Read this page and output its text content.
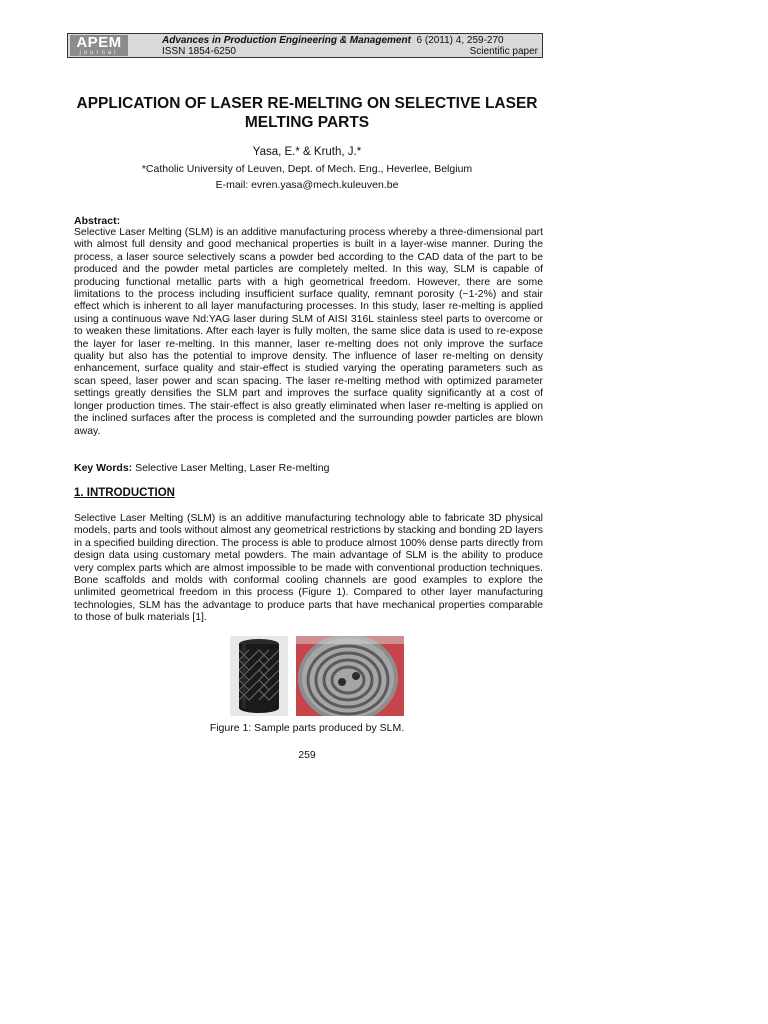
APEM
journal
Advances in Production Engineering & Management 6 (2011) 4, 259-270
ISSN 1854-6250	Scientific paper
APPLICATION OF LASER RE-MELTING ON SELECTIVE LASER MELTING PARTS
Yasa, E.* & Kruth, J.*
*Catholic University of Leuven, Dept. of Mech. Eng., Heverlee, Belgium
E-mail: evren.yasa@mech.kuleuven.be
Abstract:
Selective Laser Melting (SLM) is an additive manufacturing process whereby a three-dimensional part with almost full density and good mechanical properties is built in a layer-wise manner. During the process, a laser source selectively scans a powder bed according to the CAD data of the part to be produced and the powder metal particles are completely melted. In this way, SLM is capable of producing functional metallic parts with a high geometrical freedom. However, there are some limitations to the process including insufficient surface quality, remnant porosity (~1-2%) and stair effect which is inherent to all layer manufacturing processes. In this study, laser re-melting is applied using a continuous wave Nd:YAG laser during SLM of AISI 316L stainless steel parts to overcome or to weaken these limitations. After each layer is fully molten, the same slice data is used to re-expose the layer for laser re-melting. In this manner, laser re-melting does not only improve the surface quality but also has the potential to improve density. The influence of laser re-melting on density enhancement, surface quality and stair-effect is studied varying the operating parameters such as scan speed, laser power and scan spacing. The laser re-melting method with optimized parameter settings greatly densifies the SLM part and improves the surface quality significantly at a cost of longer production times. The stair-effect is also greatly eliminated when laser re-melting is applied on the inclined surfaces after the process is completed and the surrounding powder particles are blown away.
Key Words: Selective Laser Melting, Laser Re-melting
1. INTRODUCTION
Selective Laser Melting (SLM) is an additive manufacturing technology able to fabricate 3D physical models, parts and tools without almost any geometrical restrictions by stacking and bonding 2D layers in a specified building direction. The process is able to produce almost 100% dense parts directly from design data using customary metal powders. The main advantage of SLM is the ability to produce very complex parts which are almost impossible to be made with conventional production techniques. Bone scaffolds and molds with conformal cooling channels are good examples to explore the unlimited geometrical freedom in this process (Figure 1). Compared to other layer manufacturing technologies, SLM has the advantage to produce parts that have mechanical properties comparable to those of bulk materials [1].
Figure 1: Sample parts produced by SLM.
259
